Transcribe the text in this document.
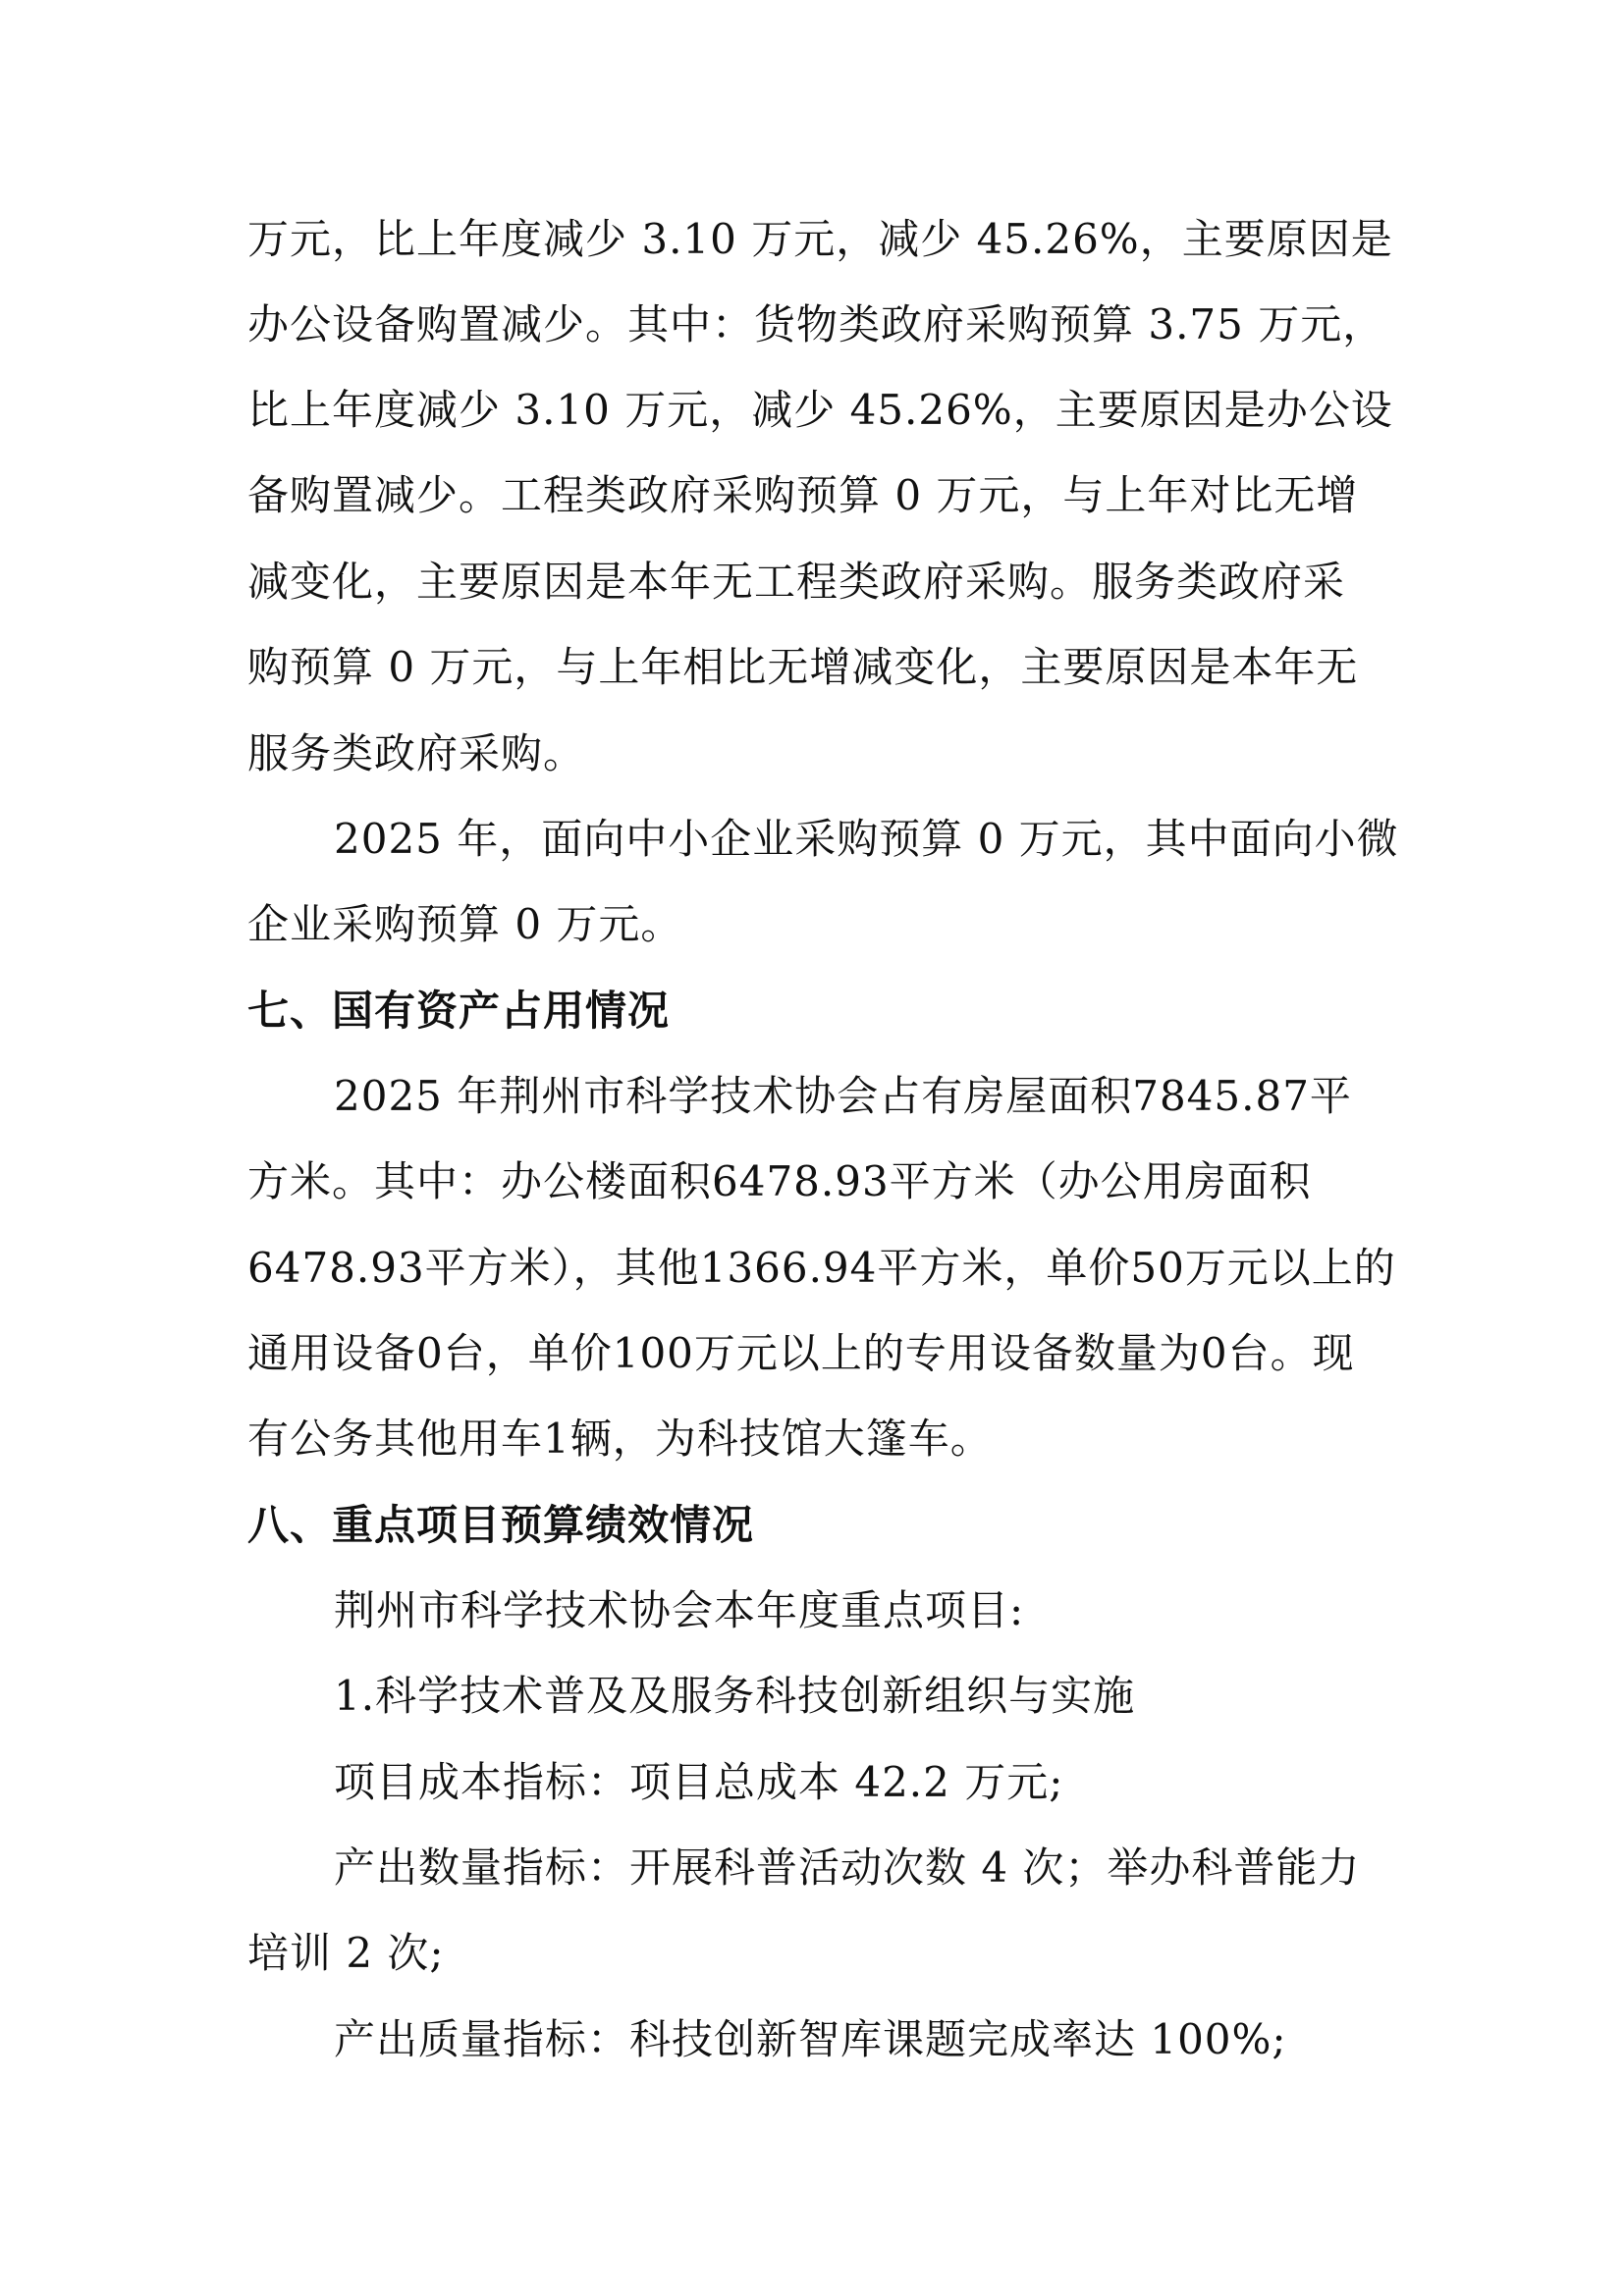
万元，比上年度减少 3.10 万元，减少 45.26%，主要原因是
办公设备购置减少。其中：货物类政府采购预算 3.75 万元，
比上年度减少 3.10 万元，减少 45.26%，主要原因是办公设
备购置减少。工程类政府采购预算 0 万元，与上年对比无增
减变化，主要原因是本年无工程类政府采购。服务类政府采
购预算 0 万元，与上年相比无增减变化，主要原因是本年无
服务类政府采购。
2025 年，面向中小企业采购预算 0 万元，其中面向小微
企业采购预算 0 万元。
七、国有资产占用情况
2025 年荆州市科学技术协会占有房屋面积7845.87平
方米。其中：办公楼面积6478.93平方米（办公用房面积
6478.93平方米），其他1366.94平方米，单价50万元以上的
通用设备0台，单价100万元以上的专用设备数量为0台。现
有公务其他用车1辆，为科技馆大篷车。
八、重点项目预算绩效情况
荆州市科学技术协会本年度重点项目:
1.科学技术普及及服务科技创新组织与实施
项目成本指标：项目总成本 42.2 万元;
产出数量指标：开展科普活动次数 4 次；举办科普能力
培训 2 次;
产出质量指标：科技创新智库课题完成率达 100%;
